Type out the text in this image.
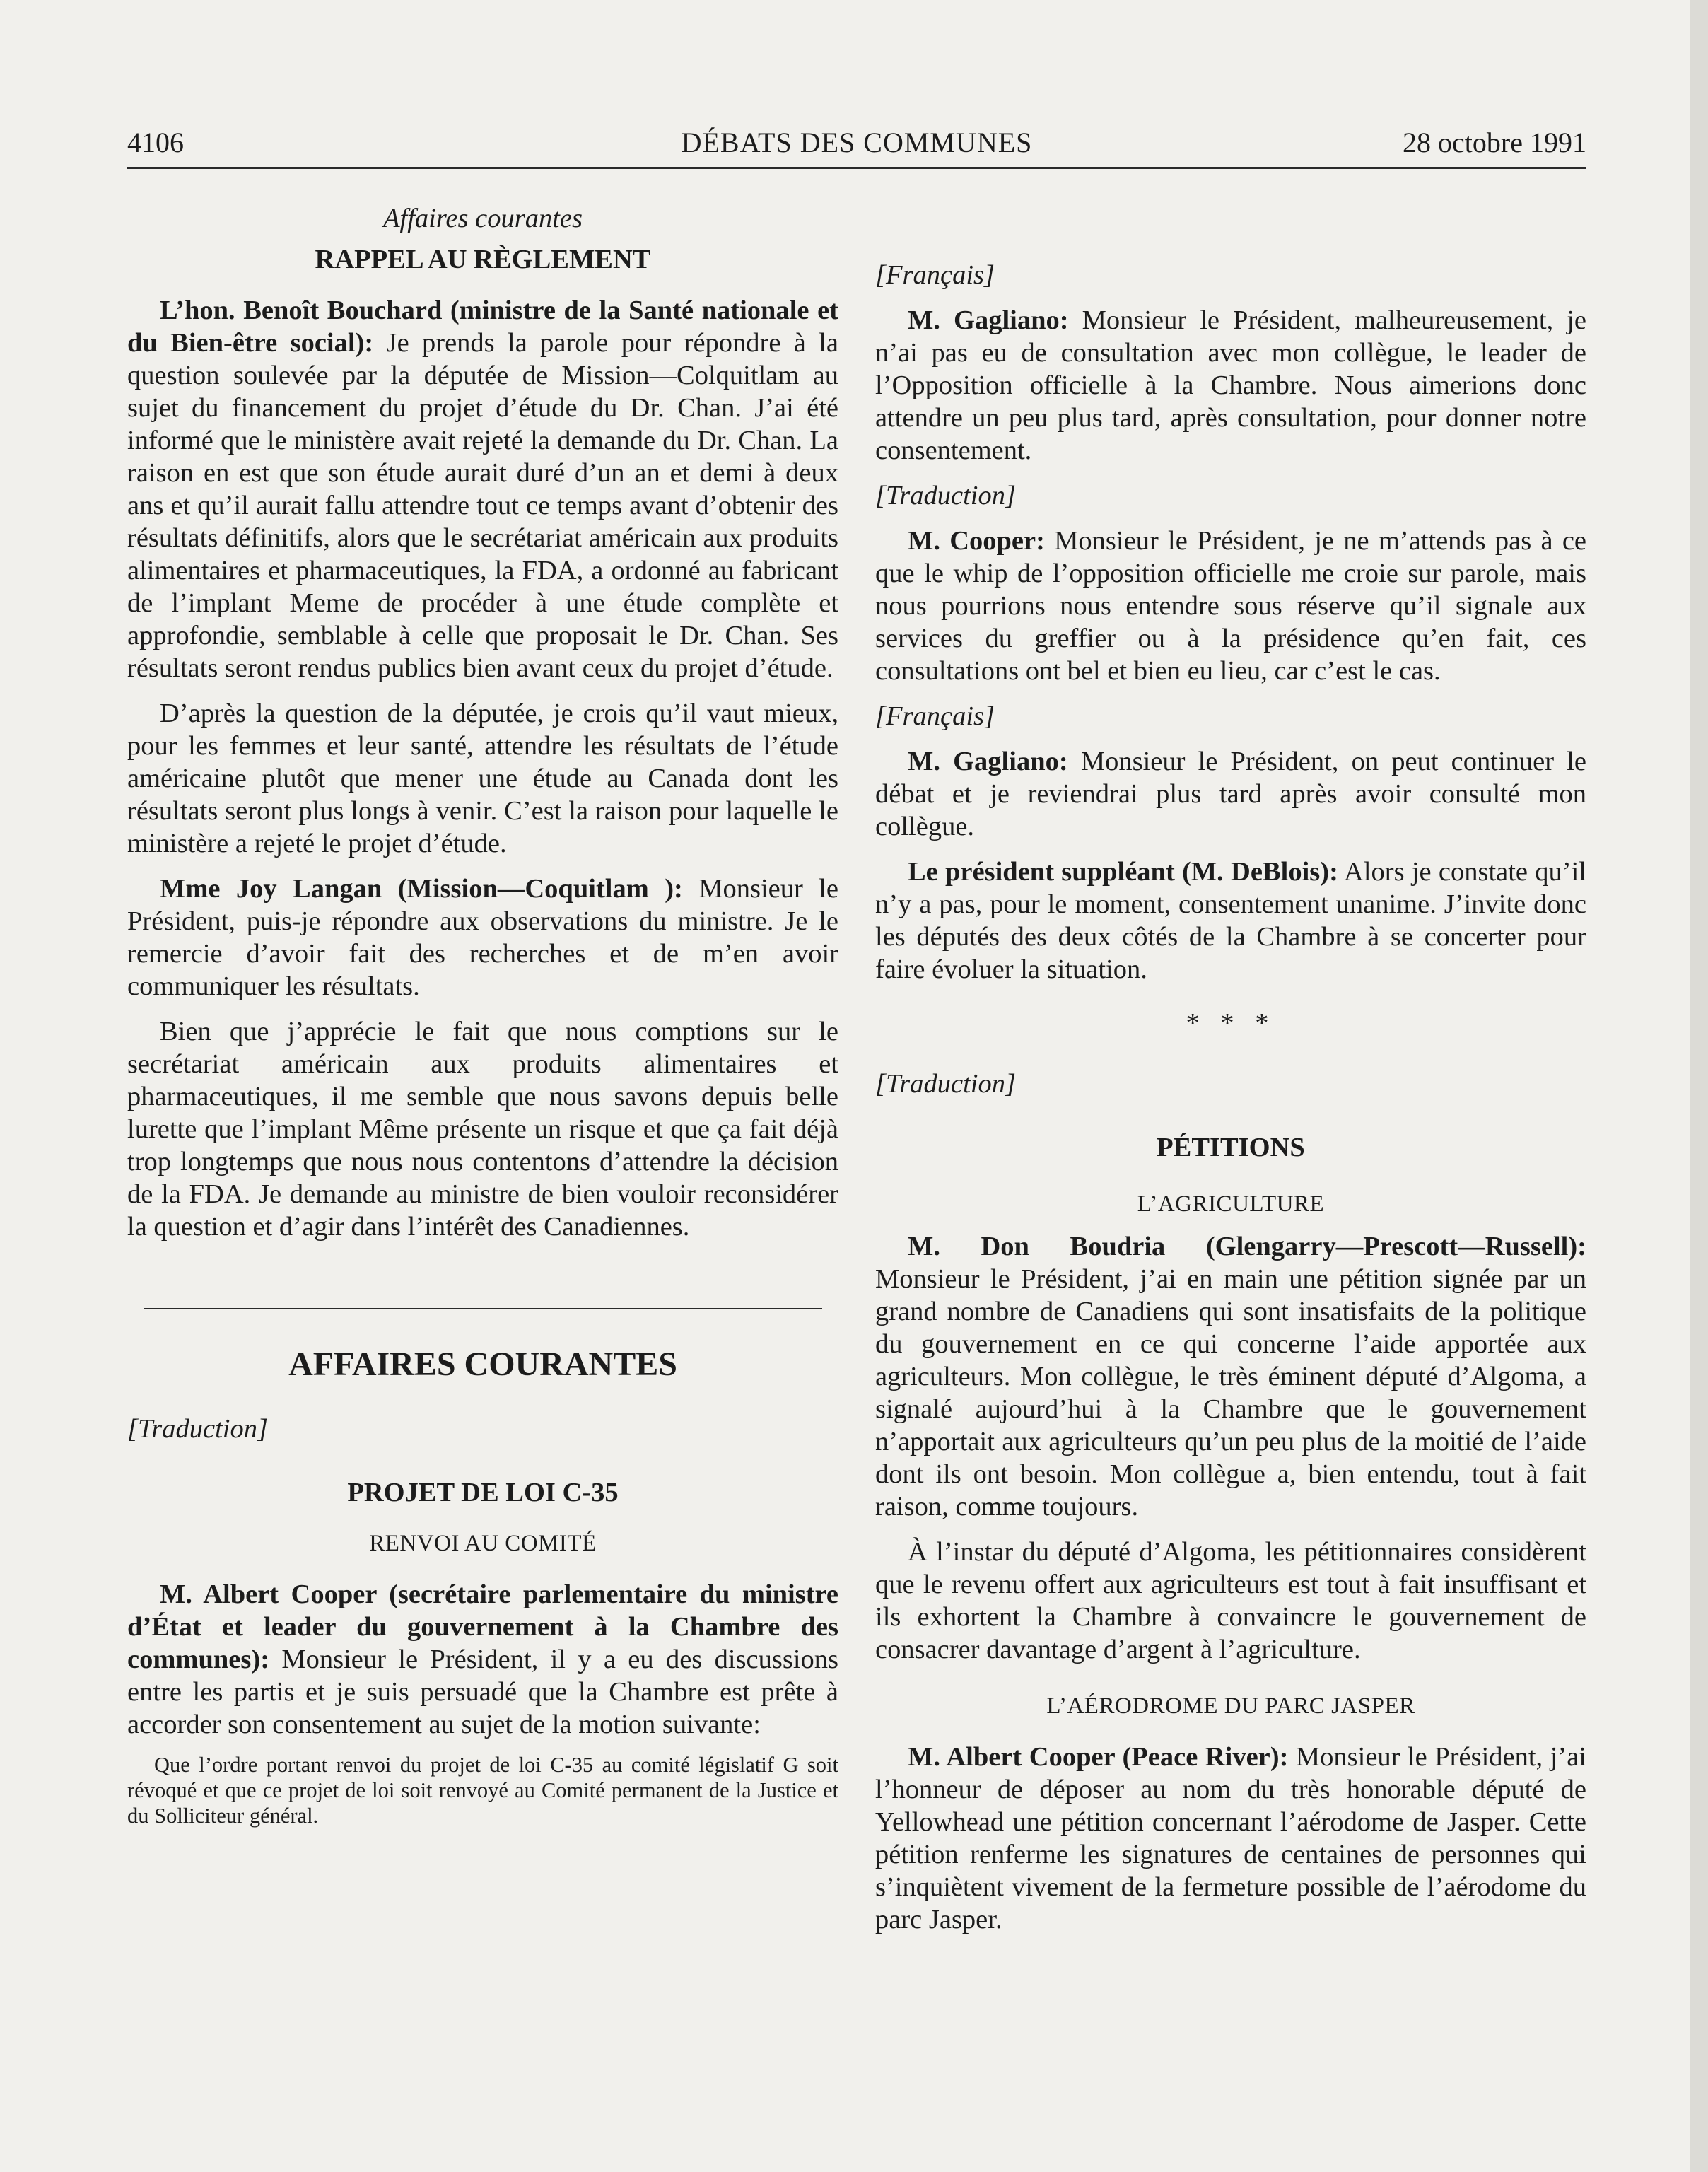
4106	DÉBATS DES COMMUNES	28 octobre 1991

Affaires courantes

RAPPEL AU RÈGLEMENT

L’hon. Benoît Bouchard (ministre de la Santé nationale et du Bien-être social): Je prends la parole pour répondre à la question soulevée par la députée de Mission—Colquitlam au sujet du financement du projet d’étude du Dr. Chan. J’ai été informé que le ministère avait rejeté la demande du Dr. Chan. La raison en est que son étude aurait duré d’un an et demi à deux ans et qu’il aurait fallu attendre tout ce temps avant d’obtenir des résultats définitifs, alors que le secrétariat américain aux produits alimentaires et pharmaceutiques, la FDA, a ordonné au fabricant de l’implant Meme de procéder à une étude complète et approfondie, semblable à celle que proposait le Dr. Chan. Ses résultats seront rendus publics bien avant ceux du projet d’étude.

D’après la question de la députée, je crois qu’il vaut mieux, pour les femmes et leur santé, attendre les résultats de l’étude américaine plutôt que mener une étude au Canada dont les résultats seront plus longs à venir. C’est la raison pour laquelle le ministère a rejeté le projet d’étude.

Mme Joy Langan (Mission—Coquitlam ): Monsieur le Président, puis-je répondre aux observations du ministre. Je le remercie d’avoir fait des recherches et de m’en avoir communiquer les résultats.

Bien que j’apprécie le fait que nous comptions sur le secrétariat américain aux produits alimentaires et pharmaceutiques, il me semble que nous savons depuis belle lurette que l’implant Même présente un risque et que ça fait déjà trop longtemps que nous nous contentons d’attendre la décision de la FDA. Je demande au ministre de bien vouloir reconsidérer la question et d’agir dans l’intérêt des Canadiennes.

AFFAIRES COURANTES

[Traduction]

PROJET DE LOI C-35

RENVOI AU COMITÉ

M. Albert Cooper (secrétaire parlementaire du ministre d’État et leader du gouvernement à la Chambre des communes): Monsieur le Président, il y a eu des discussions entre les partis et je suis persuadé que la Chambre est prête à accorder son consentement au sujet de la motion suivante:

Que l’ordre portant renvoi du projet de loi C-35 au comité législatif G soit révoqué et que ce projet de loi soit renvoyé au Comité permanent de la Justice et du Solliciteur général.

[Français]

M. Gagliano: Monsieur le Président, malheureusement, je n’ai pas eu de consultation avec mon collègue, le leader de l’Opposition officielle à la Chambre. Nous aimerions donc attendre un peu plus tard, après consultation, pour donner notre consentement.

[Traduction]

M. Cooper: Monsieur le Président, je ne m’attends pas à ce que le whip de l’opposition officielle me croie sur parole, mais nous pourrions nous entendre sous réserve qu’il signale aux services du greffier ou à la présidence qu’en fait, ces consultations ont bel et bien eu lieu, car c’est le cas.

[Français]

M. Gagliano: Monsieur le Président, on peut continuer le débat et je reviendrai plus tard après avoir consulté mon collègue.

Le président suppléant (M. DeBlois): Alors je constate qu’il n’y a pas, pour le moment, consentement unanime. J’invite donc les députés des deux côtés de la Chambre à se concerter pour faire évoluer la situation.

* * *

[Traduction]

PÉTITIONS

L’AGRICULTURE

M. Don Boudria (Glengarry—Prescott—Russell): Monsieur le Président, j’ai en main une pétition signée par un grand nombre de Canadiens qui sont insatisfaits de la politique du gouvernement en ce qui concerne l’aide apportée aux agriculteurs. Mon collègue, le très éminent député d’Algoma, a signalé aujourd’hui à la Chambre que le gouvernement n’apportait aux agriculteurs qu’un peu plus de la moitié de l’aide dont ils ont besoin. Mon collègue a, bien entendu, tout à fait raison, comme toujours.

À l’instar du député d’Algoma, les pétitionnaires considèrent que le revenu offert aux agriculteurs est tout à fait insuffisant et ils exhortent la Chambre à convaincre le gouvernement de consacrer davantage d’argent à l’agriculture.

L’AÉRODROME DU PARC JASPER

M. Albert Cooper (Peace River): Monsieur le Président, j’ai l’honneur de déposer au nom du très honorable député de Yellowhead une pétition concernant l’aérodome de Jasper. Cette pétition renferme les signatures de centaines de personnes qui s’inquiètent vivement de la fermeture possible de l’aérodome du parc Jasper.
